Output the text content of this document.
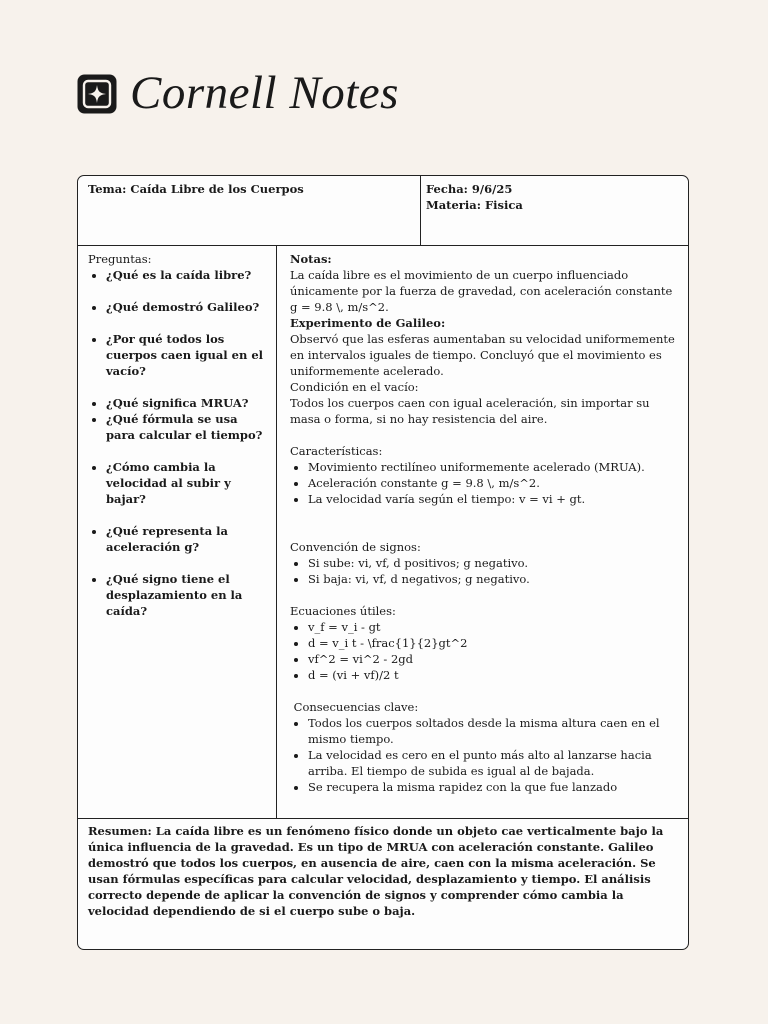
Cornell Notes
Tema: Caída Libre de los Cuerpos	Fecha: 9/6/25
Materia: Fisica
Preguntas:
• ¿Qué es la caída libre?
• ¿Qué demostró Galileo?
• ¿Por qué todos los cuerpos caen igual en el vacío?
• ¿Qué significa MRUA?
• ¿Qué fórmula se usa para calcular el tiempo?
• ¿Cómo cambia la velocidad al subir y bajar?
• ¿Qué representa la aceleración g?
• ¿Qué signo tiene el desplazamiento en la caída?
Notas:

La caída libre es el movimiento de un cuerpo influenciado únicamente por la fuerza de gravedad, con aceleración constante g = 9.8 \, m/s^2.

Experimento de Galileo:

Observó que las esferas aumentaban su velocidad uniformemente en intervalos iguales de tiempo. Concluyó que el movimiento es uniformemente acelerado.

Condición en el vacío:

Todos los cuerpos caen con igual aceleración, sin importar su masa o forma, si no hay resistencia del aire.

Características:

• Movimiento rectilíneo uniformemente acelerado (MRUA).
• Aceleración constante g = 9.8 \, m/s^2.
• La velocidad varía según el tiempo: v = vi + gt.

Convención de signos:

• Si sube: vi, vf, d positivos; g negativo.
• Si baja: vi, vf, d negativos; g negativo.

Ecuaciones útiles:

• v_f = v_i - gt
• d = v_i t - \frac{1}{2}gt^2
• vf^2 = vi^2 - 2gd
• d = (vi + vf)/2 t

Consecuencias clave:

• Todos los cuerpos soltados desde la misma altura caen en el mismo tiempo.
• La velocidad es cero en el punto más alto al lanzarse hacia arriba. El tiempo de subida es igual al de bajada.
• Se recupera la misma rapidez con la que fue lanzado
Resumen: La caída libre es un fenómeno físico donde un objeto cae verticalmente bajo la única influencia de la gravedad. Es un tipo de MRUA con aceleración constante. Galileo demostró que todos los cuerpos, en ausencia de aire, caen con la misma aceleración. Se usan fórmulas específicas para calcular velocidad, desplazamiento y tiempo. El análisis correcto depende de aplicar la convención de signos y comprender cómo cambia la velocidad dependiendo de si el cuerpo sube o baja.
